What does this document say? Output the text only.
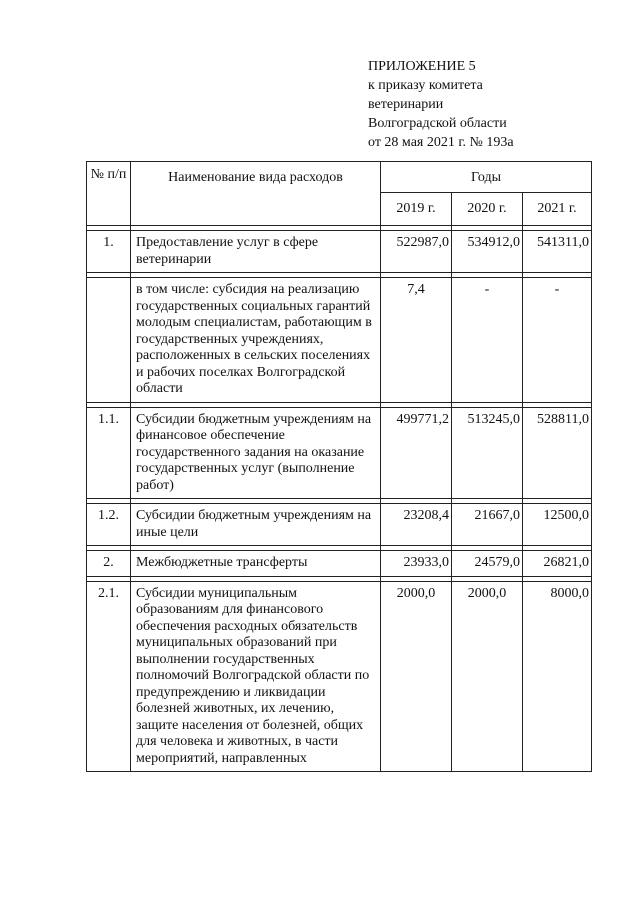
ПРИЛОЖЕНИЕ 5
к приказу комитета
ветеринарии
Волгоградской области
от 28 мая 2021 г. № 193а
№ п/п	Наименование вида расходов	Годы		
		2019 г.	2020 г.	2021 г.

1.	Предоставление услуг в сфере ветеринарии	522987,0	534912,0	541311,0

	в том числе: субсидия на реализацию государственных социальных гарантий молодым специалистам, работающим в государственных учреждениях, расположенных в сельских поселениях и рабочих поселках Волгоградской области	7,4	-	-

1.1.	Субсидии бюджетным учреждениям на финансовое обеспечение государственного задания на оказание государственных услуг (выполнение работ)	499771,2	513245,0	528811,0

1.2.	Субсидии бюджетным учреждениям на иные цели	23208,4	21667,0	12500,0

2.	Межбюджетные трансферты	23933,0	24579,0	26821,0

2.1.	Субсидии муниципальным образованиям для финансового обеспечения расходных обязательств муниципальных образований при выполнении государственных полномочий Волгоградской области по предупреждению и ликвидации болезней животных, их лечению, защите населения от болезней, общих для человека и животных, в части мероприятий, направленных	2000,0	2000,0	8000,0
